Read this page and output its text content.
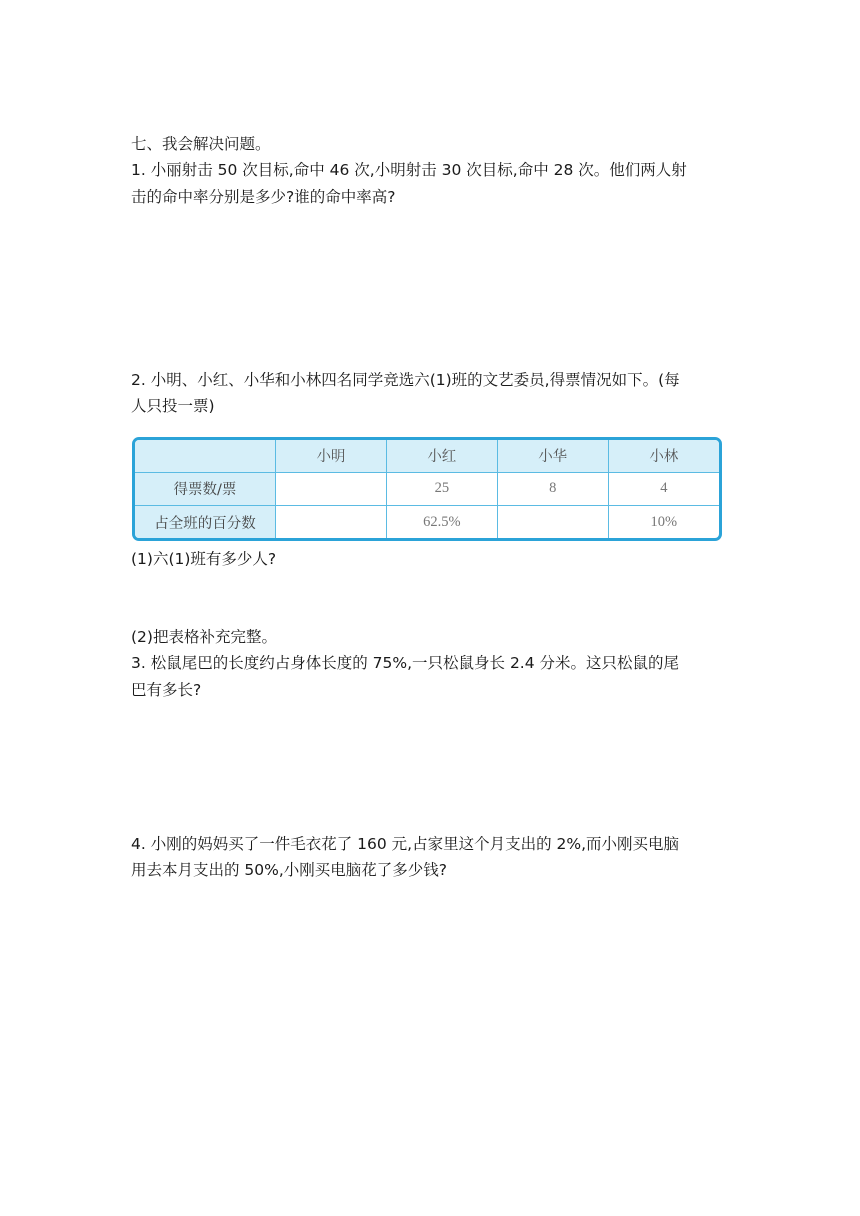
七、我会解决问题。
1. 小丽射击 50 次目标,命中 46 次,小明射击 30 次目标,命中 28 次。他们两人射
击的命中率分别是多少?谁的命中率高?
2. 小明、小红、小华和小林四名同学竞选六(1)班的文艺委员,得票情况如下。(每
人只投一票)
	小明	小红	小华	小林
得票数/票		25	8	4
占全班的百分数		62.5%		10%
(1)六(1)班有多少人?
(2)把表格补充完整。
3. 松鼠尾巴的长度约占身体长度的 75%,一只松鼠身长 2.4 分米。这只松鼠的尾
巴有多长?
4. 小刚的妈妈买了一件毛衣花了 160 元,占家里这个月支出的 2%,而小刚买电脑
用去本月支出的 50%,小刚买电脑花了多少钱?
